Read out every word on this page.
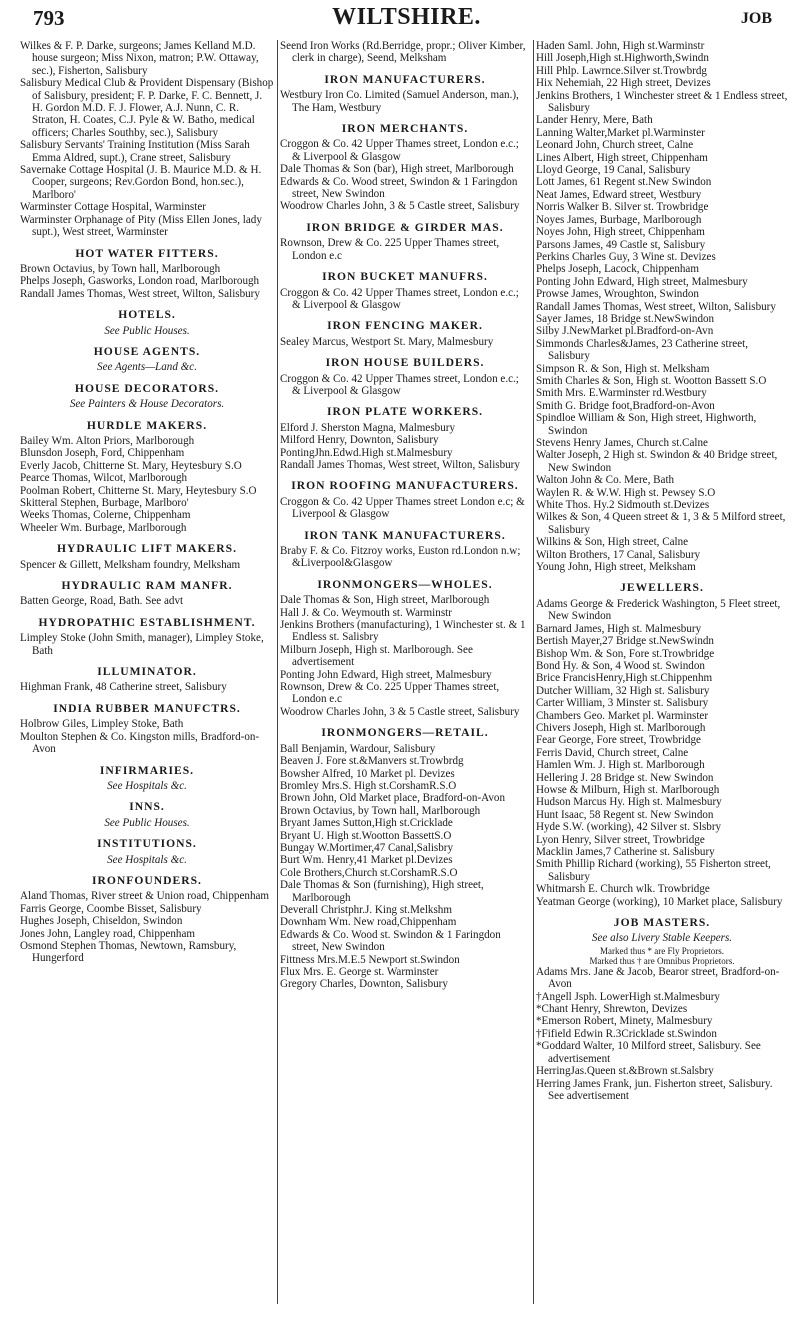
793	WILTSHIRE.	JOB

Wilkes & F. P. Darke, surgeons; James Kelland M.D. house surgeon; Miss Nixon, matron; P.W. Ottaway, sec.), Fisherton, Salisbury

Salisbury Medical Club & Provident Dispensary (Bishop of Salisbury, president; F. P. Darke, F. C. Bennett, J. H. Gordon M.D. F. J. Flower, A.J. Nunn, C. R. Straton, H. Coates, C.J. Pyle & W. Batho, medical officers; Charles Southby, sec.), Salisbury

Salisbury Servants' Training Institution (Miss Sarah Emma Aldred, supt.), Crane street, Salisbury

Savernake Cottage Hospital (J. B. Maurice M.D. & H. Cooper, surgeons; Rev.Gordon Bond, hon.sec.), Marlboro'

Warminster Cottage Hospital, Warminster

Warminster Orphanage of Pity (Miss Ellen Jones, lady supt.), West street, Warminster

HOT WATER FITTERS.

Brown Octavius, by Town hall, Marlborough

Phelps Joseph, Gasworks, London road, Marlborough

Randall James Thomas, West street, Wilton, Salisbury

HOTELS.

See Public Houses.

HOUSE AGENTS.

See Agents—Land &c.

HOUSE DECORATORS.

See Painters & House Decorators.

HURDLE MAKERS.

Bailey Wm. Alton Priors, Marlborough

Blunsdon Joseph, Ford, Chippenham

Everly Jacob, Chitterne St. Mary, Heytesbury S.O

Pearce Thomas, Wilcot, Marlborough

Poolman Robert, Chitterne St. Mary, Heytesbury S.O

Skitteral Stephen, Burbage, Marlboro'

Weeks Thomas, Colerne, Chippenham

Wheeler Wm. Burbage, Marlborough

HYDRAULIC LIFT MAKERS.

Spencer & Gillett, Melksham foundry, Melksham

HYDRAULIC RAM MANFR.

Batten George, Road, Bath. See advt

HYDROPATHIC ESTABLISHMENT.

Limpley Stoke (John Smith, manager), Limpley Stoke, Bath

ILLUMINATOR.

Highman Frank, 48 Catherine street, Salisbury

INDIA RUBBER MANUFCTRS.

Holbrow Giles, Limpley Stoke, Bath

Moulton Stephen & Co. Kingston mills, Bradford-on-Avon

INFIRMARIES.

See Hospitals &c.

INNS.

See Public Houses.

INSTITUTIONS.

See Hospitals &c.

IRONFOUNDERS.

Aland Thomas, River street & Union road, Chippenham

Farris George, Coombe Bisset, Salisbury

Hughes Joseph, Chiseldon, Swindon

Jones John, Langley road, Chippenham

Osmond Stephen Thomas, Newtown, Ramsbury, Hungerford

Seend Iron Works (Rd.Berridge, propr.; Oliver Kimber, clerk in charge), Seend, Melksham

IRON MANUFACTURERS.

Westbury Iron Co. Limited (Samuel Anderson, man.), The Ham, Westbury

IRON MERCHANTS.

Croggon & Co. 42 Upper Thames street, London e.c.; & Liverpool & Glasgow

Dale Thomas & Son (bar), High street, Marlborough

Edwards & Co. Wood street, Swindon & 1 Faringdon street, New Swindon

Woodrow Charles John, 3 & 5 Castle street, Salisbury

IRON BRIDGE & GIRDER MAS.

Rownson, Drew & Co. 225 Upper Thames street, London e.c

IRON BUCKET MANUFRS.

Croggon & Co. 42 Upper Thames street, London e.c.; & Liverpool & Glasgow

IRON FENCING MAKER.

Sealey Marcus, Westport St. Mary, Malmesbury

IRON HOUSE BUILDERS.

Croggon & Co. 42 Upper Thames street, London e.c.; & Liverpool & Glasgow

IRON PLATE WORKERS.

Elford J. Sherston Magna, Malmesbury

Milford Henry, Downton, Salisbury

PontingJhn.Edwd.High st.Malmesbury

Randall James Thomas, West street, Wilton, Salisbury

IRON ROOFING MANUFACTURERS.

Croggon & Co. 42 Upper Thames street London e.c; & Liverpool & Glasgow

IRON TANK MANUFACTURERS.

Braby F. & Co. Fitzroy works, Euston rd.London n.w; &Liverpool&Glasgow

IRONMONGERS—WHOLES.

Dale Thomas & Son, High street, Marlborough

Hall J. & Co. Weymouth st. Warminstr

Jenkins Brothers (manufacturing), 1 Winchester st. & 1 Endless st. Salisbry

Milburn Joseph, High st. Marlborough. See advertisement

Ponting John Edward, High street, Malmesbury

Rownson, Drew & Co. 225 Upper Thames street, London e.c

Woodrow Charles John, 3 & 5 Castle street, Salisbury

IRONMONGERS—RETAIL.

Ball Benjamin, Wardour, Salisbury

Beaven J. Fore st.&Manvers st.Trowbrdg

Bowsher Alfred, 10 Market pl. Devizes

Bromley Mrs.S. High st.CorshamR.S.O

Brown John, Old Market place, Bradford-on-Avon

Brown Octavius, by Town hall, Marlborough

Bryant James Sutton,High st.Cricklade

Bryant U. High st.Wootton BassettS.O

Bungay W.Mortimer,47 Canal,Salisbry

Burt Wm. Henry,41 Market pl.Devizes

Cole Brothers,Church st.CorshamR.S.O

Dale Thomas & Son (furnishing), High street, Marlborough

Deverall Christphr.J. King st.Melkshm

Downham Wm. New road,Chippenham

Edwards & Co. Wood st. Swindon & 1 Faringdon street, New Swindon

Fittness Mrs.M.E.5 Newport st.Swindon

Flux Mrs. E. George st. Warminster

Gregory Charles, Downton, Salisbury

Haden Saml. John, High st.Warminstr

Hill Joseph,High st.Highworth,Swindn

Hill Phlp. Lawrnce.Silver st.Trowbrdg

Hix Nehemiah, 22 High street, Devizes

Jenkins Brothers, 1 Winchester street & 1 Endless street, Salisbury

Lander Henry, Mere, Bath

Lanning Walter,Market pl.Warminster

Leonard John, Church street, Calne

Lines Albert, High street, Chippenham

Lloyd George, 19 Canal, Salisbury

Lott James, 61 Regent st.New Swindon

Neat James, Edward street, Westbury

Norris Walker B. Silver st. Trowbridge

Noyes James, Burbage, Marlborough

Noyes John, High street, Chippenham

Parsons James, 49 Castle st, Salisbury

Perkins Charles Guy, 3 Wine st. Devizes

Phelps Joseph, Lacock, Chippenham

Ponting John Edward, High street, Malmesbury

Prowse James, Wroughton, Swindon

Randall James Thomas, West street, Wilton, Salisbury

Sayer James, 18 Bridge st.NewSwindon

Silby J.NewMarket pl.Bradford-on-Avn

Simmonds Charles&James, 23 Catherine street, Salisbury

Simpson R. & Son, High st. Melksham

Smith Charles & Son, High st. Wootton Bassett S.O

Smith Mrs. E.Warminster rd.Westbury

Smith G. Bridge foot,Bradford-on-Avon

Spindloe William & Son, High street, Highworth, Swindon

Stevens Henry James, Church st.Calne

Walter Joseph, 2 High st. Swindon & 40 Bridge street, New Swindon

Walton John & Co. Mere, Bath

Waylen R. & W.W. High st. Pewsey S.O

White Thos. Hy.2 Sidmouth st.Devizes

Wilkes & Son, 4 Queen street & 1, 3 & 5 Milford street, Salisbury

Wilkins & Son, High street, Calne

Wilton Brothers, 17 Canal, Salisbury

Young John, High street, Melksham

JEWELLERS.

Adams George & Frederick Washington, 5 Fleet street, New Swindon

Barnard James, High st. Malmesbury

Bertish Mayer,27 Bridge st.NewSwindn

Bishop Wm. & Son, Fore st.Trowbridge

Bond Hy. & Son, 4 Wood st. Swindon

Brice FrancisHenry,High st.Chippenhm

Dutcher William, 32 High st. Salisbury

Carter William, 3 Minster st. Salisbury

Chambers Geo. Market pl. Warminster

Chivers Joseph, High st. Marlborough

Fear George, Fore street, Trowbridge

Ferris David, Church street, Calne

Hamlen Wm. J. High st. Marlborough

Hellering J. 28 Bridge st. New Swindon

Howse & Milburn, High st. Marlborough

Hudson Marcus Hy. High st. Malmesbury

Hunt Isaac, 58 Regent st. New Swindon

Hyde S.W. (working), 42 Silver st. Slsbry

Lyon Henry, Silver street, Trowbridge

Macklin James,7 Catherine st. Salisbury

Smith Phillip Richard (working), 55 Fisherton street, Salisbury

Whitmarsh E. Church wlk. Trowbridge

Yeatman George (working), 10 Market place, Salisbury

JOB MASTERS.

See also Livery Stable Keepers.

Marked thus * are Fly Proprietors.

Marked thus † are Omnibus Proprietors.

Adams Mrs. Jane & Jacob, Bearor street, Bradford-on-Avon

†Angell Jsph. LowerHigh st.Malmesbury

*Chant Henry, Shrewton, Devizes

*Emerson Robert, Minety, Malmesbury

†Fifield Edwin R.3Cricklade st.Swindon

*Goddard Walter, 10 Milford street, Salisbury. See advertisement

HerringJas.Queen st.&Brown st.Salsbry

Herring James Frank, jun. Fisherton street, Salisbury. See advertisement
